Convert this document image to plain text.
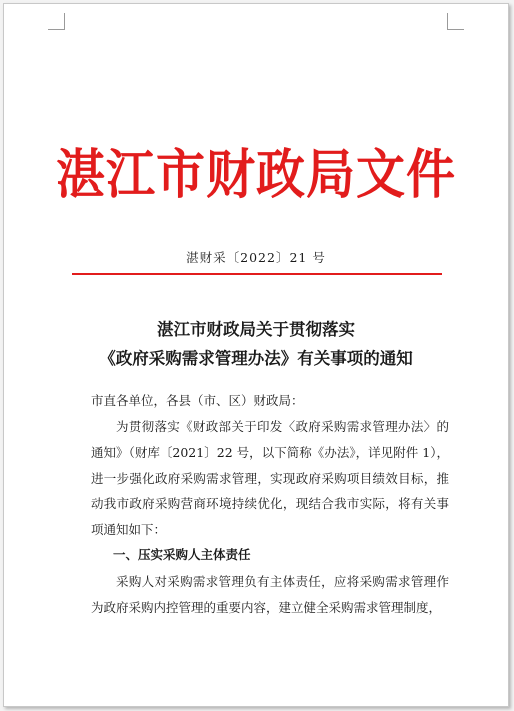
湛江市财政局文件
湛财采〔2022〕21 号
湛江市财政局关于贯彻落实
《政府采购需求管理办法》有关事项的通知
市直各单位，各县（市、区）财政局：
为贯彻落实《财政部关于印发〈政府采购需求管理办法〉的通知》（财库〔2021〕22 号，以下简称《办法》，详见附件 1），进一步强化政府采购需求管理，实现政府采购项目绩效目标，推动我市政府采购营商环境持续优化，现结合我市实际，将有关事项通知如下：
一、压实采购人主体责任
采购人对采购需求管理负有主体责任，应将采购需求管理作为政府采购内控管理的重要内容，建立健全采购需求管理制度，
